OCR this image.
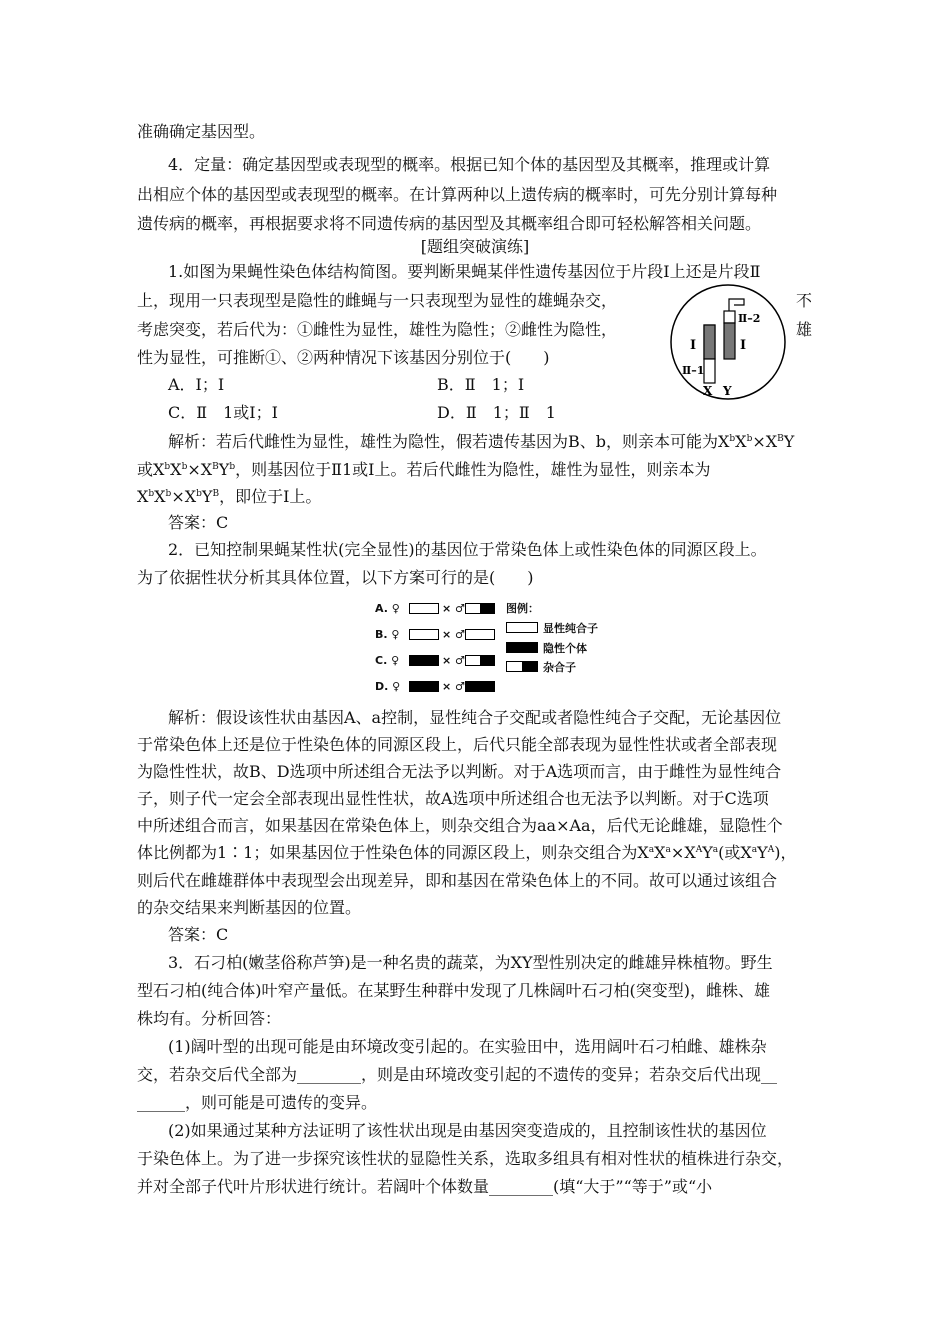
准确确定基因型。
4．定量：确定基因型或表现型的概率。根据已知个体的基因型及其概率，推理或计算
出相应个体的基因型或表现型的概率。在计算两种以上遗传病的概率时，可先分别计算每种
遗传病的概率，再根据要求将不同遗传病的基因型及其概率组合即可轻松解答相关问题。
[题组突破演练]
1.如图为果蝇性染色体结构简图。要判断果蝇某伴性遗传基因位于片段Ⅰ上还是片段Ⅱ
上，现用一只表现型是隐性的雌蝇与一只表现型为显性的雄蝇杂交，	不
考虑突变，若后代为：①雌性为显性，雄性为隐性；②雌性为隐性，	雄
性为显性，可推断①、②两种情况下该基因分别位于(　　)
A．Ⅰ；Ⅰ	B．Ⅱ　1；Ⅰ
C．Ⅱ　1或Ⅰ；Ⅰ	D．Ⅱ　1；Ⅱ　1
解析：若后代雌性为显性，雄性为隐性，假若遗传基因为B、b，则亲本可能为$X^bX^b\times X^BY$
或$X^bX^b\times X^BY^b$，则基因位于Ⅱ1或Ⅰ上。若后代雌性为隐性，雄性为显性，则亲本为
$X^bX^b\times X^bY^B$，即位于Ⅰ上。
答案：C
2．已知控制果蝇某性状(完全显性)的基因位于常染色体上或性染色体的同源区段上。
为了依据性状分析其具体位置，以下方案可行的是(　　)
Ⅱ–2
Ⅰ	Ⅰ
Ⅱ–1
X Y
A. ♀	× ♂
B. ♀	× ♂
C. ♀	× ♂
D. ♀	× ♂
图例：
显性纯合子
隐性个体
杂合子
解析：假设该性状由基因A、a控制，显性纯合子交配或者隐性纯合子交配，无论基因位
于常染色体上还是位于性染色体的同源区段上，后代只能全部表现为显性性状或者全部表现
为隐性性状，故B、D选项中所述组合无法予以判断。对于A选项而言，由于雌性为显性纯合
子，则子代一定会全部表现出显性性状，故A选项中所述组合也无法予以判断。对于C选项
中所述组合而言，如果基因在常染色体上，则杂交组合为aa×Aa，后代无论雌雄，显隐性个
体比例都为1∶1；如果基因位于性染色体的同源区段上，则杂交组合为$X^aX^a\times X^AY^a$(或$X^aY^A$)，
则后代在雌雄群体中表现型会出现差异，即和基因在常染色体上的不同。故可以通过该组合
的杂交结果来判断基因的位置。
答案：C
3．石刁柏(嫩茎俗称芦笋)是一种名贵的蔬菜，为XY型性别决定的雌雄异株植物。野生
型石刁柏(纯合体)叶窄产量低。在某野生种群中发现了几株阔叶石刁柏(突变型)，雌株、雄
株均有。分析回答：
(1)阔叶型的出现可能是由环境改变引起的。在实验田中，选用阔叶石刁柏雌、雄株杂
交，若杂交后代全部为________，则是由环境改变引起的不遗传的变异；若杂交后代出现__
______，则可能是可遗传的变异。
(2)如果通过某种方法证明了该性状出现是由基因突变造成的，且控制该性状的基因位
于染色体上。为了进一步探究该性状的显隐性关系，选取多组具有相对性状的植株进行杂交，
并对全部子代叶片形状进行统计。若阔叶个体数量________(填“大于”“等于”或“小
